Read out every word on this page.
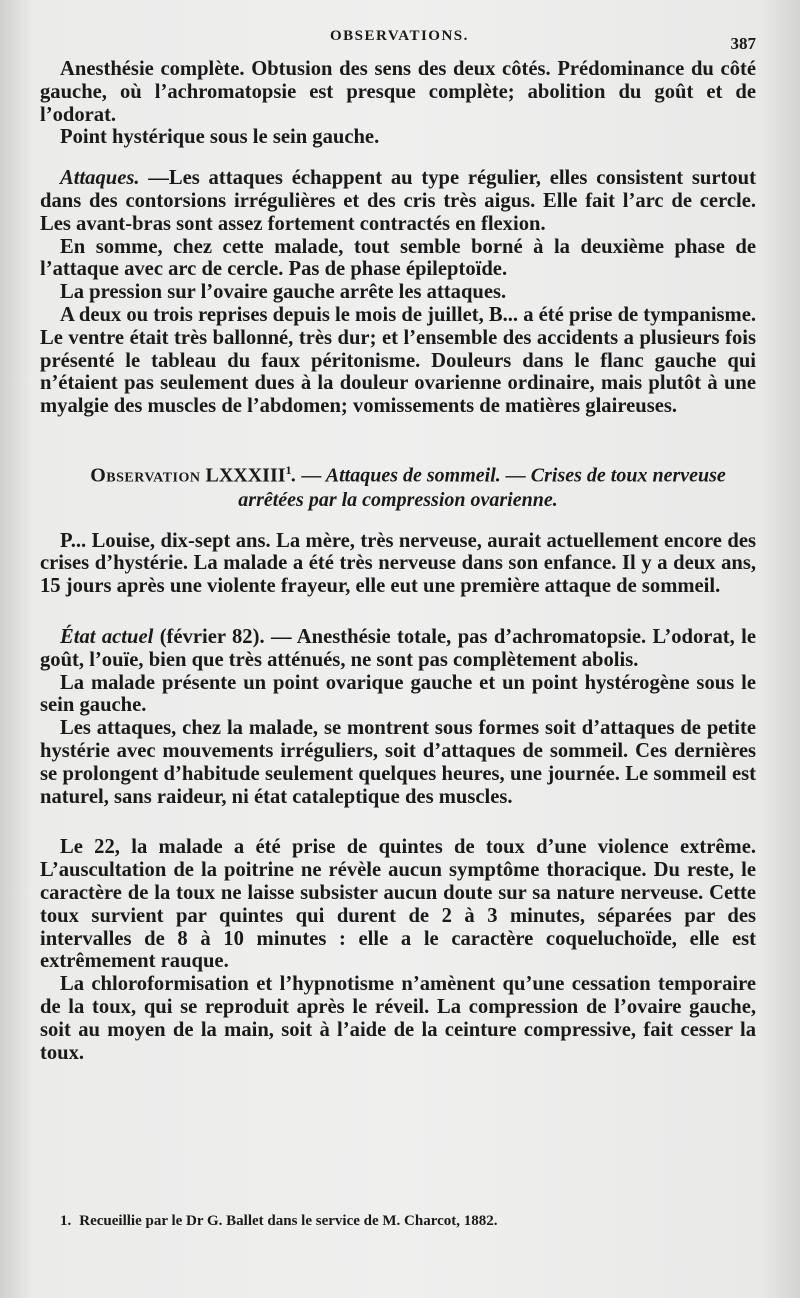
OBSERVATIONS.	387

Anesthésie complète. Obtusion des sens des deux côtés. Prédominance du côté gauche, où l’achromatopsie est presque complète; abolition du goût et de l’odorat.

Point hystérique sous le sein gauche.

Attaques. —Les attaques échappent au type régulier, elles consistent surtout dans des contorsions irrégulières et des cris très aigus. Elle fait l’arc de cercle. Les avant-bras sont assez fortement contractés en flexion.

En somme, chez cette malade, tout semble borné à la deuxième phase de l’attaque avec arc de cercle. Pas de phase épileptoïde.

La pression sur l’ovaire gauche arrête les attaques.

A deux ou trois reprises depuis le mois de juillet, B... a été prise de tympanisme. Le ventre était très ballonné, très dur; et l’ensemble des accidents a plusieurs fois présenté le tableau du faux péritonisme. Douleurs dans le flanc gauche qui n’étaient pas seulement dues à la douleur ovarienne ordinaire, mais plutôt à une myalgie des muscles de l’abdomen; vomissements de matières glaireuses.

Observation LXXXIII$^1$. — Attaques de sommeil. — Crises de toux nerveuse arrêtées par la compression ovarienne.

P... Louise, dix-sept ans. La mère, très nerveuse, aurait actuellement encore des crises d’hystérie. La malade a été très nerveuse dans son enfance. Il y a deux ans, 15 jours après une violente frayeur, elle eut une première attaque de sommeil.

État actuel (février 82). — Anesthésie totale, pas d’achromatopsie. L’odorat, le goût, l’ouïe, bien que très atténués, ne sont pas complètement abolis.

La malade présente un point ovarique gauche et un point hystérogène sous le sein gauche.

Les attaques, chez la malade, se montrent sous formes soit d’attaques de petite hystérie avec mouvements irréguliers, soit d’attaques de sommeil. Ces dernières se prolongent d’habitude seulement quelques heures, une journée. Le sommeil est naturel, sans raideur, ni état cataleptique des muscles.

Le 22, la malade a été prise de quintes de toux d’une violence extrême. L’auscultation de la poitrine ne révèle aucun symptôme thoracique. Du reste, le caractère de la toux ne laisse subsister aucun doute sur sa nature nerveuse. Cette toux survient par quintes qui durent de 2 à 3 minutes, séparées par des intervalles de 8 à 10 minutes : elle a le caractère coqueluchoïde, elle est extrêmement rauque.

La chloroformisation et l’hypnotisme n’amènent qu’une cessation temporaire de la toux, qui se reproduit après le réveil. La compression de l’ovaire gauche, soit au moyen de la main, soit à l’aide de la ceinture compressive, fait cesser la toux.

1. Recueillie par le Dr G. Ballet dans le service de M. Charcot, 1882.
